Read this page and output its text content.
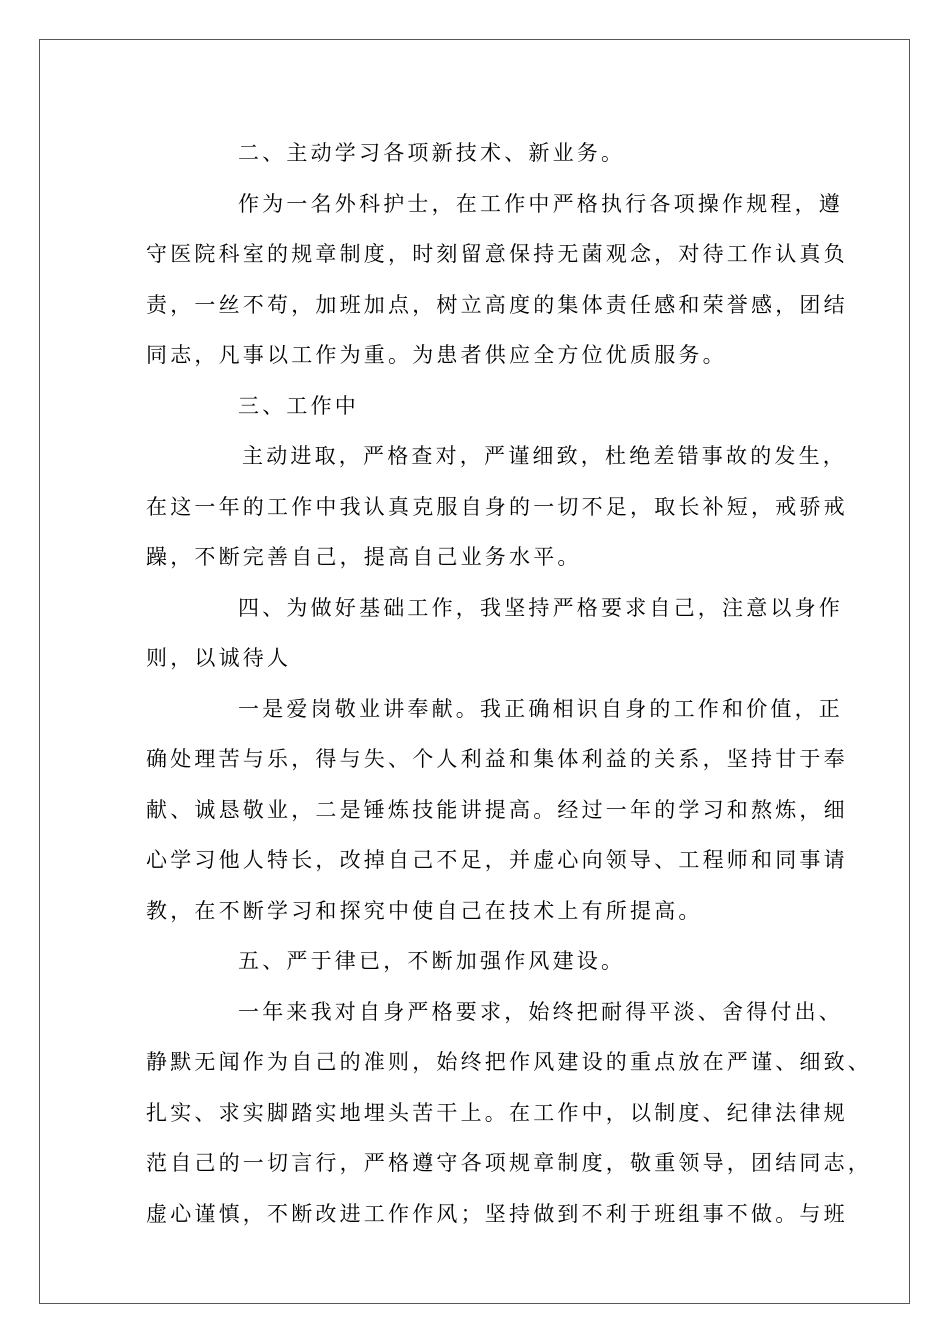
二、主动学习各项新技术、新业务。
作为一名外科护士，在工作中严格执行各项操作规程，遵
守医院科室的规章制度，时刻留意保持无菌观念，对待工作认真负
责，一丝不苟，加班加点，树立高度的集体责任感和荣誉感，团结
同志，凡事以工作为重。为患者供应全方位优质服务。
三、工作中
主动进取，严格查对，严谨细致，杜绝差错事故的发生，
在这一年的工作中我认真克服自身的一切不足，取长补短，戒骄戒
躁，不断完善自己，提高自己业务水平。
四、为做好基础工作，我坚持严格要求自己，注意以身作
则，以诚待人
一是爱岗敬业讲奉献。我正确相识自身的工作和价值，正
确处理苦与乐，得与失、个人利益和集体利益的关系，坚持甘于奉
献、诚恳敬业，二是锤炼技能讲提高。经过一年的学习和熬炼，细
心学习他人特长，改掉自己不足，并虚心向领导、工程师和同事请
教，在不断学习和探究中使自己在技术上有所提高。
五、严于律已，不断加强作风建设。
一年来我对自身严格要求，始终把耐得平淡、舍得付出、
静默无闻作为自己的准则，始终把作风建设的重点放在严谨、细致、
扎实、求实脚踏实地埋头苦干上。在工作中，以制度、纪律法律规
范自己的一切言行，严格遵守各项规章制度，敬重领导，团结同志，
虚心谨慎，不断改进工作作风；坚持做到不利于班组事不做。与班
